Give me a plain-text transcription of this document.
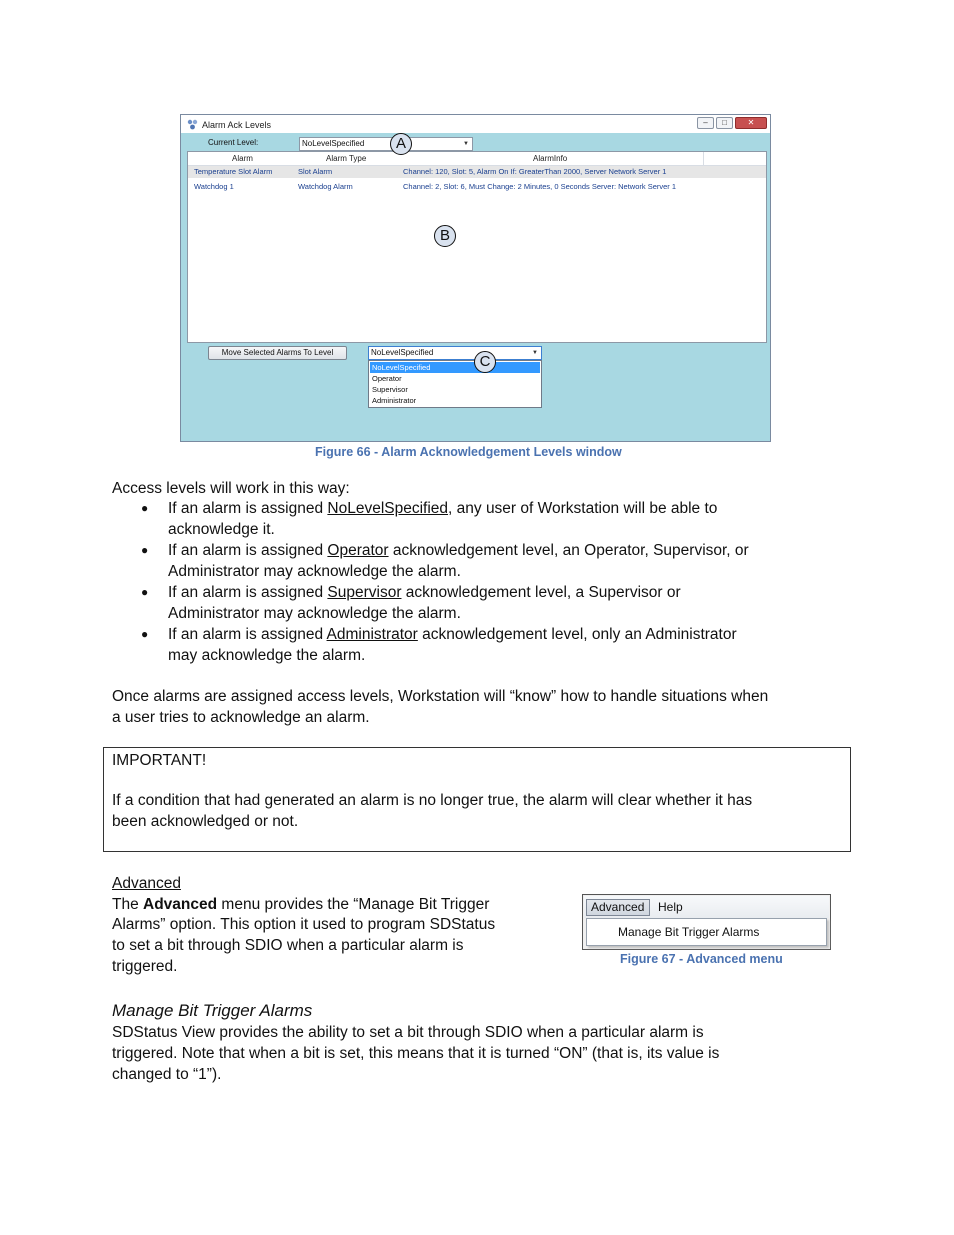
Alarm Ack Levels	–	□	✕
Current Level:	NoLevelSpecified	▼
Alarm	Alarm Type	AlarmInfo
Temperature Slot Alarm	Slot Alarm	Channel: 120, Slot: 5, Alarm On If: GreaterThan 2000, Server Network Server 1
Watchdog 1	Watchdog Alarm	Channel: 2, Slot: 6, Must Change: 2 Minutes, 0 Seconds Server: Network Server 1
Move Selected Alarms To Level	NoLevelSpecified	▼
NoLevelSpecified
Operator
Supervisor
Administrator
A
B
C
Figure 66 - Alarm Acknowledgement Levels window
Access levels will work in this way:
● If an alarm is assigned NoLevelSpecified, any user of Workstation will be able to
acknowledge it.
● If an alarm is assigned Operator acknowledgement level, an Operator, Supervisor, or
Administrator may acknowledge the alarm.
● If an alarm is assigned Supervisor acknowledgement level, a Supervisor or
Administrator may acknowledge the alarm.
● If an alarm is assigned Administrator acknowledgement level, only an Administrator
may acknowledge the alarm.
Once alarms are assigned access levels, Workstation will “know” how to handle situations when
a user tries to acknowledge an alarm.
IMPORTANT!
If a condition that had generated an alarm is no longer true, the alarm will clear whether it has
been acknowledged or not.
Advanced
The Advanced menu provides the “Manage Bit Trigger
Alarms” option. This option it used to program SDStatus
to set a bit through SDIO when a particular alarm is
triggered.
Advanced	Help
Manage Bit Trigger Alarms
Figure 67 - Advanced menu
Manage Bit Trigger Alarms
SDStatus View provides the ability to set a bit through SDIO when a particular alarm is
triggered. Note that when a bit is set, this means that it is turned “ON” (that is, its value is
changed to “1”).
